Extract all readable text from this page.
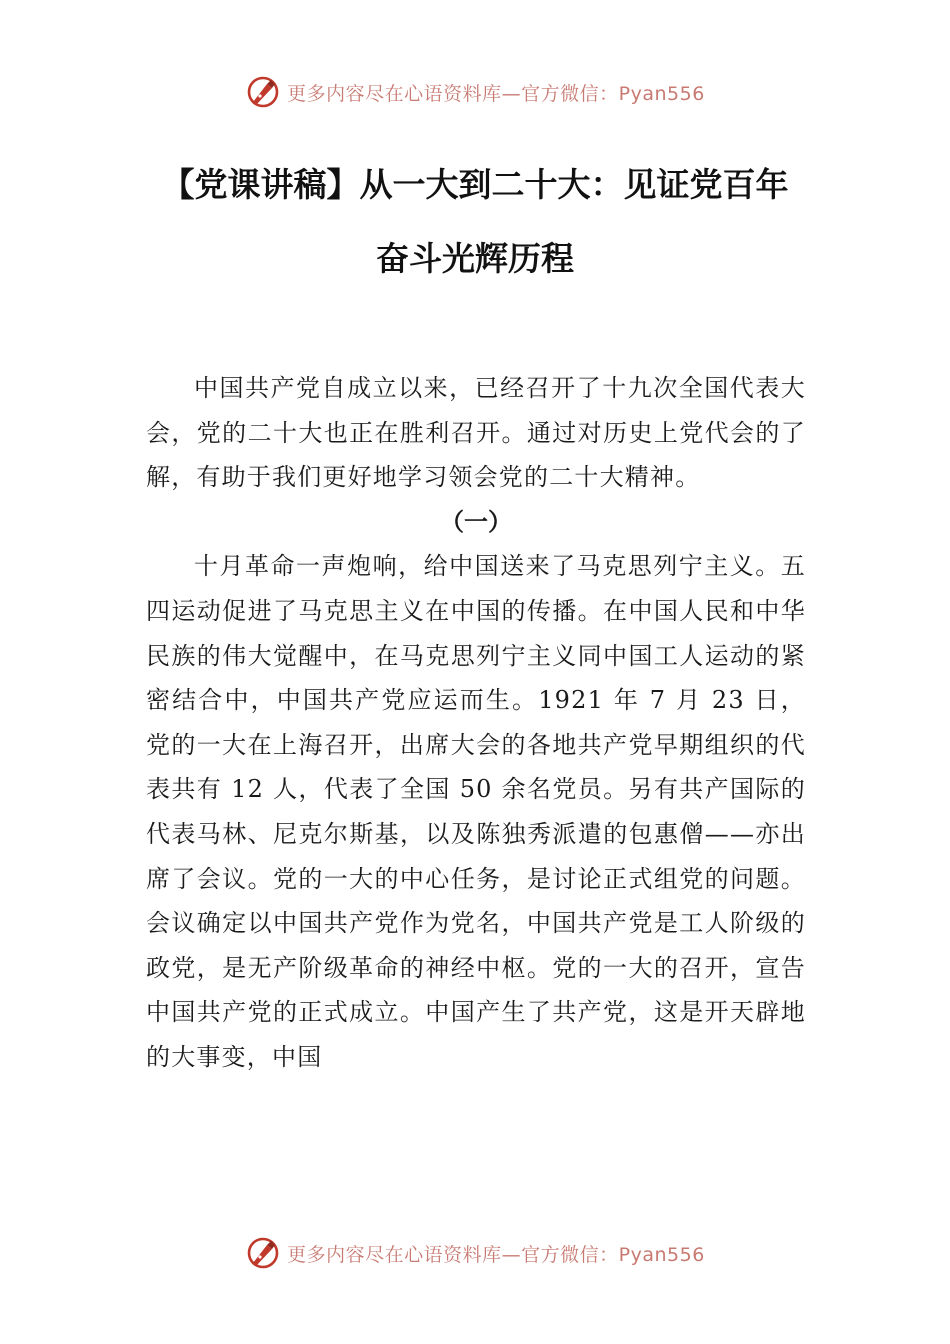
更多内容尽在心语资料库—官方微信：Pyan556
【党课讲稿】从一大到二十大：见证党百年
奋斗光辉历程

中国共产党自成立以来，已经召开了十九次全国代表大会，党的二十大也正在胜利召开。通过对历史上党代会的了解，有助于我们更好地学习领会党的二十大精神。

（一）

十月革命一声炮响，给中国送来了马克思列宁主义。五四运动促进了马克思主义在中国的传播。在中国人民和中华民族的伟大觉醒中，在马克思列宁主义同中国工人运动的紧密结合中，中国共产党应运而生。1921 年 7 月 23 日，党的一大在上海召开，出席大会的各地共产党早期组织的代表共有 12 人，代表了全国 50 余名党员。另有共产国际的代表马林、尼克尔斯基，以及陈独秀派遣的包惠僧——亦出席了会议。党的一大的中心任务，是讨论正式组党的问题。会议确定以中国共产党作为党名，中国共产党是工人阶级的政党，是无产阶级革命的神经中枢。党的一大的召开，宣告中国共产党的正式成立。中国产生了共产党，这是开天辟地的大事变，中国

更多内容尽在心语资料库—官方微信：Pyan556
